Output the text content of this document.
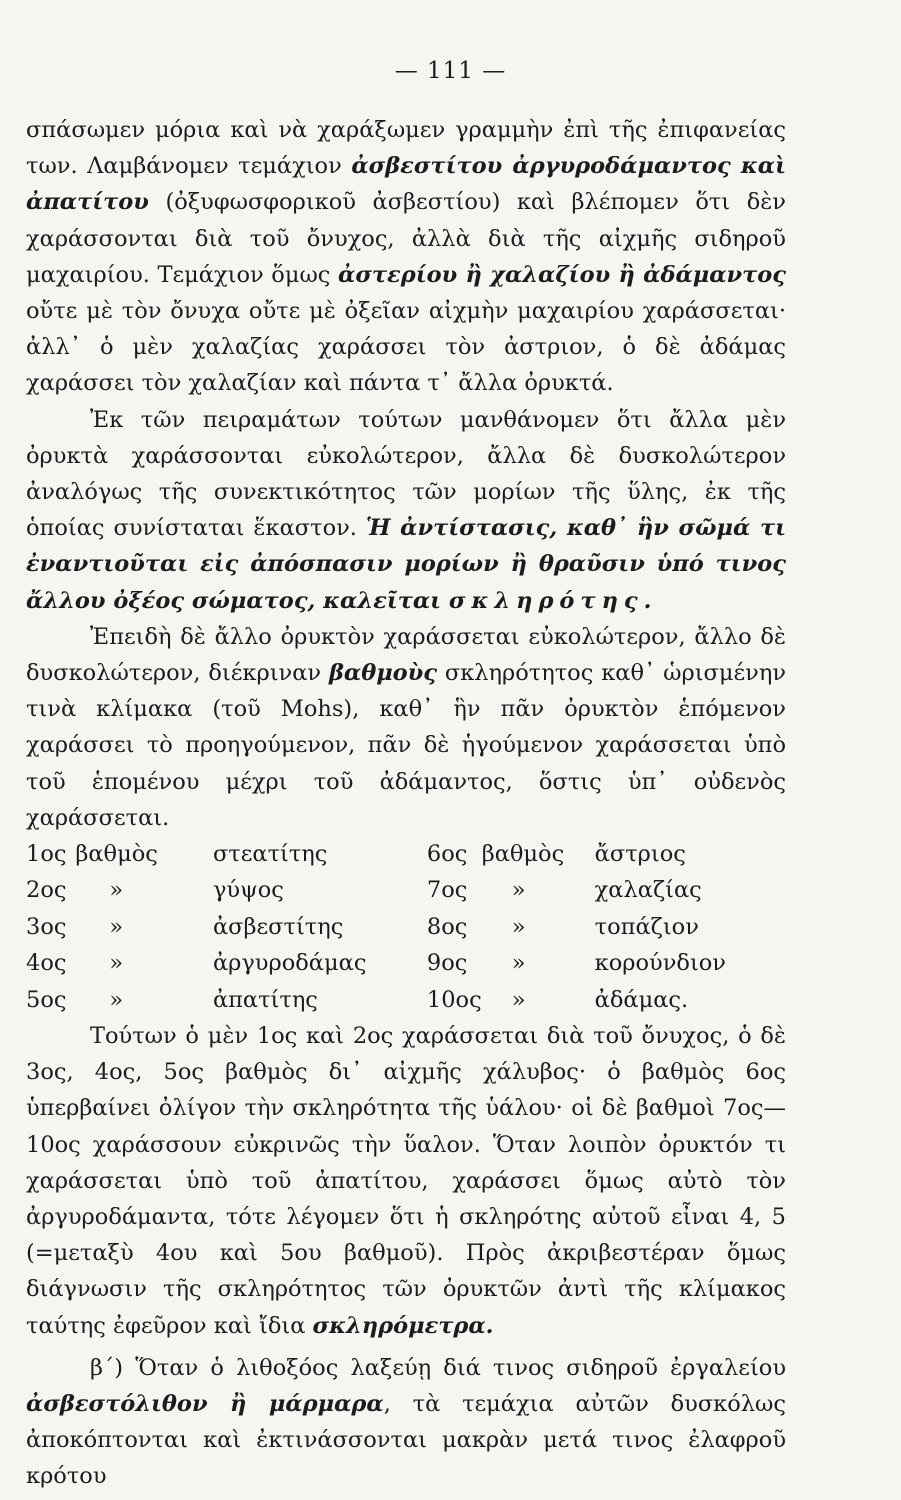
— 111 —

σπάσωμεν μόρια καὶ νὰ χαράξωμεν γραμμὴν ἐπὶ τῆς ἐπιφανείας των. Λαμβάνομεν τεμάχιον ἀσβεστίτου ἀργυροδάμαντος καὶ ἀπατίτου (ὀξυφωσφορικοῦ ἀσβεστίου) καὶ βλέπομεν ὅτι δὲν χαράσσονται διὰ τοῦ ὄνυχος, ἀλλὰ διὰ τῆς αἰχμῆς σιδηροῦ μαχαιρίου. Τεμάχιον ὅμως ἀστερίου ἢ χαλαζίου ἢ ἀδάμαντος οὔτε μὲ τὸν ὄνυχα οὔτε μὲ ὀξεῖαν αἰχμὴν μαχαιρίου χαράσσεται· ἀλλ᾽ ὁ μὲν χαλαζίας χαράσσει τὸν ἀστριον, ὁ δὲ ἀδάμας χαράσσει τὸν χαλαζίαν καὶ πάντα τ᾽ ἄλλα ὀρυκτά.

Ἐκ τῶν πειραμάτων τούτων μανθάνομεν ὅτι ἄλλα μὲν ὀρυκτὰ χαράσσονται εὐκολώτερον, ἄλλα δὲ δυσκολώτερον ἀναλόγως τῆς συνεκτικότητος τῶν μορίων τῆς ὕλης, ἐκ τῆς ὁποίας συνίσταται ἕκαστον. Ἡ ἀντίστασις, καθ᾽ ἣν σῶμά τι ἐναντιοῦται εἰς ἀπόσπασιν μορίων ἢ θραῦσιν ὑπό τινος ἄλλου ὀξέος σώματος, καλεῖται σκληρότης.

Ἐπειδὴ δὲ ἄλλο ὀρυκτὸν χαράσσεται εὐκολώτερον, ἄλλο δὲ δυσκολώτερον, διέκριναν βαθμοὺς σκληρότητος καθ᾽ ὡρισμένην τινὰ κλίμακα (τοῦ Mohs), καθ᾽ ἣν πᾶν ὀρυκτὸν ἑπόμενον χαράσσει τὸ προηγούμενον, πᾶν δὲ ἡγούμενον χαράσσεται ὑπὸ τοῦ ἑπομένου μέχρι τοῦ ἀδάμαντος, ὅστις ὑπ᾽ οὐδενὸς χαράσσεται.

1ος	βαθμὸς	στεατίτης	6ος	βαθμὸς	ἄστριος
2ος	»	γύψος	7ος	»	χαλαζίας
3ος	»	ἀσβεστίτης	8ος	»	τοπάζιον
4ος	»	ἀργυροδάμας	9ος	»	κορούνδιον
5ος	»	ἀπατίτης	10ος	»	ἀδάμας.

Τούτων ὁ μὲν 1ος καὶ 2ος χαράσσεται διὰ τοῦ ὄνυχος, ὁ δὲ 3ος, 4ος, 5ος βαθμὸς δι᾽ αἰχμῆς χάλυβος· ὁ βαθμὸς 6ος ὑπερβαίνει ὀλίγον τὴν σκληρότητα τῆς ὑάλου· οἱ δὲ βαθμοὶ 7ος—10ος χαράσσουν εὐκρινῶς τὴν ὕαλον. Ὅταν λοιπὸν ὀρυκτόν τι χαράσσεται ὑπὸ τοῦ ἀπατίτου, χαράσσει ὅμως αὐτὸ τὸν ἀργυροδάμαντα, τότε λέγομεν ὅτι ἡ σκληρότης αὐτοῦ εἶναι 4, 5 (=μεταξὺ 4ου καὶ 5ου βαθμοῦ). Πρὸς ἀκριβεστέραν ὅμως διάγνωσιν τῆς σκληρότητος τῶν ὀρυκτῶν ἀντὶ τῆς κλίμακος ταύτης ἐφεῦρον καὶ ἴδια σκληρόμετρα.

β΄) Ὅταν ὁ λιθοξόος λαξεύῃ διά τινος σιδηροῦ ἐργαλείου ἀσβεστόλιθον ἢ μάρμαρα, τὰ τεμάχια αὐτῶν δυσκόλως ἀποκόπτονται καὶ ἐκτινάσσονται μακρὰν μετά τινος ἐλαφροῦ κρότου
